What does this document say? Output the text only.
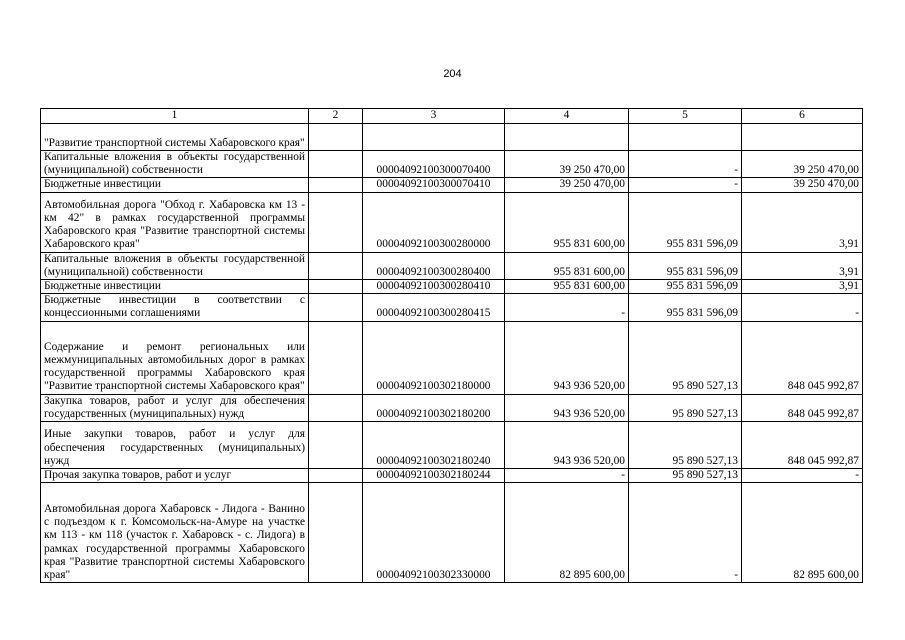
204
1	2	3	4	5	6
"Развитие транспортной системы Хабаровского края"					
Капитальные вложения в объекты государственной (муниципальной) собственности		00004092100300070400	39 250 470,00	-	39 250 470,00
Бюджетные инвестиции		00004092100300070410	39 250 470,00	-	39 250 470,00
Автомобильная дорога "Обход г. Хабаровска км 13 - км 42" в рамках государственной программы Хабаровского края "Развитие транспортной системы Хабаровского края"		00004092100300280000	955 831 600,00	955 831 596,09	3,91
Капитальные вложения в объекты государственной (муниципальной) собственности		00004092100300280400	955 831 600,00	955 831 596,09	3,91
Бюджетные инвестиции		00004092100300280410	955 831 600,00	955 831 596,09	3,91
Бюджетные инвестиции в соответствии с концессионными соглашениями		00004092100300280415	-	955 831 596,09	-
Содержание и ремонт региональных или межмуниципальных автомобильных дорог в рамках государственной программы Хабаровского края "Развитие транспортной системы Хабаровского края"		00004092100302180000	943 936 520,00	95 890 527,13	848 045 992,87
Закупка товаров, работ и услуг для обеспечения государственных (муниципальных) нужд		00004092100302180200	943 936 520,00	95 890 527,13	848 045 992,87
Иные закупки товаров, работ и услуг для обеспечения государственных (муниципальных) нужд		00004092100302180240	943 936 520,00	95 890 527,13	848 045 992,87
Прочая закупка товаров, работ и услуг		00004092100302180244	-	95 890 527,13	-
Автомобильная дорога Хабаровск - Лидога - Ванино с подъездом к г. Комсомольск-на-Амуре на участке км 113 - км 118 (участок г. Хабаровск - с. Лидога) в рамках государственной программы Хабаровского края "Развитие транспортной системы Хабаровского края"		00004092100302330000	82 895 600,00	-	82 895 600,00
